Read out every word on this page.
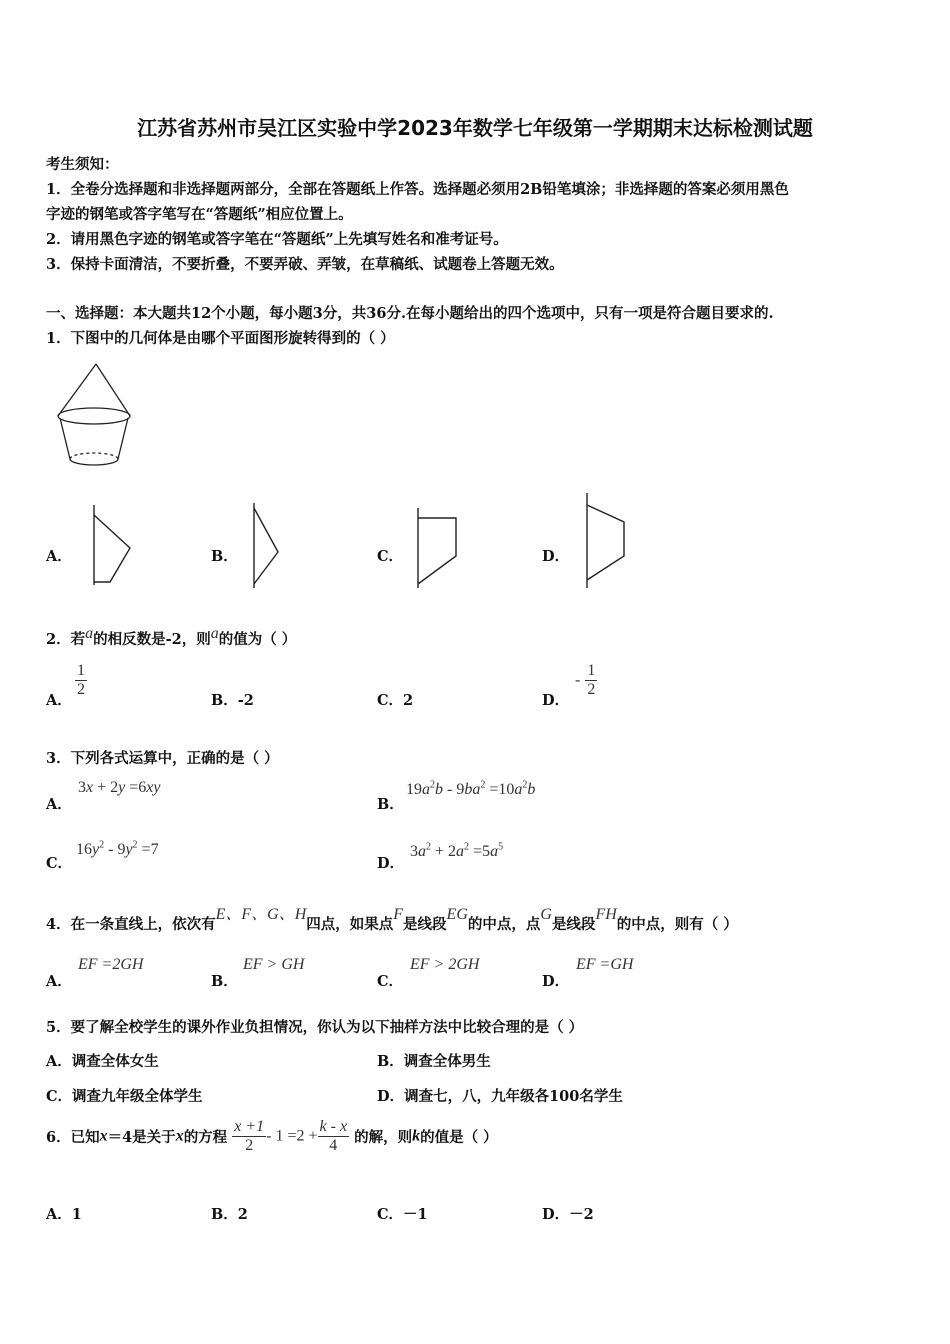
江苏省苏州市吴江区实验中学2023年数学七年级第一学期期末达标检测试题
考生须知：
1．全卷分选择题和非选择题两部分，全部在答题纸上作答。选择题必须用2B铅笔填涂；非选择题的答案必须用黑色
字迹的钢笔或答字笔写在“答题纸”相应位置上。
2．请用黑色字迹的钢笔或答字笔在“答题纸”上先填写姓名和准考证号。
3．保持卡面清洁，不要折叠，不要弄破、弄皱，在草稿纸、试题卷上答题无效。
一、选择题：本大题共12个小题，每小题3分，共36分.在每小题给出的四个选项中，只有一项是符合题目要求的.
1．下图中的几何体是由哪个平面图形旋转得到的（ ）
A．	B．	C．	D．
2．若a的相反数是-2，则a的值为（ ）
A．
$\frac{1}{2}$
B．-2	C．2	D．
- $\frac{1}{2}$
3．下列各式运算中，正确的是（ ）
A．
3x + 2y =6xy
B．
$19a^2b - 9ba^2 =10a^2b$
C．
$16y^2 - 9y^2 =7$
D．
$3a^2 + 2a^2 =5a^5$
4．在一条直线上，依次有E、F、G、H四点，如果点F是线段EG的中点，点G是线段FH的中点，则有（ ）
A．
EF =2GH
B．
EF > GH
C．
EF > 2GH
D．
EF =GH
5．要了解全校学生的课外作业负担情况，你认为以下抽样方法中比较合理的是（ ）
A．调查全体女生	B．调查全体男生
C．调查九年级全体学生	D．调查七，八，九年级各100名学生
6．已知x＝4是关于x的方程 $\frac{x +1}{2} - 1 =2 + \frac{k - x}{4}$ 的解，则k的值是（ ）
A．1	B．2	C．－1	D．－2
